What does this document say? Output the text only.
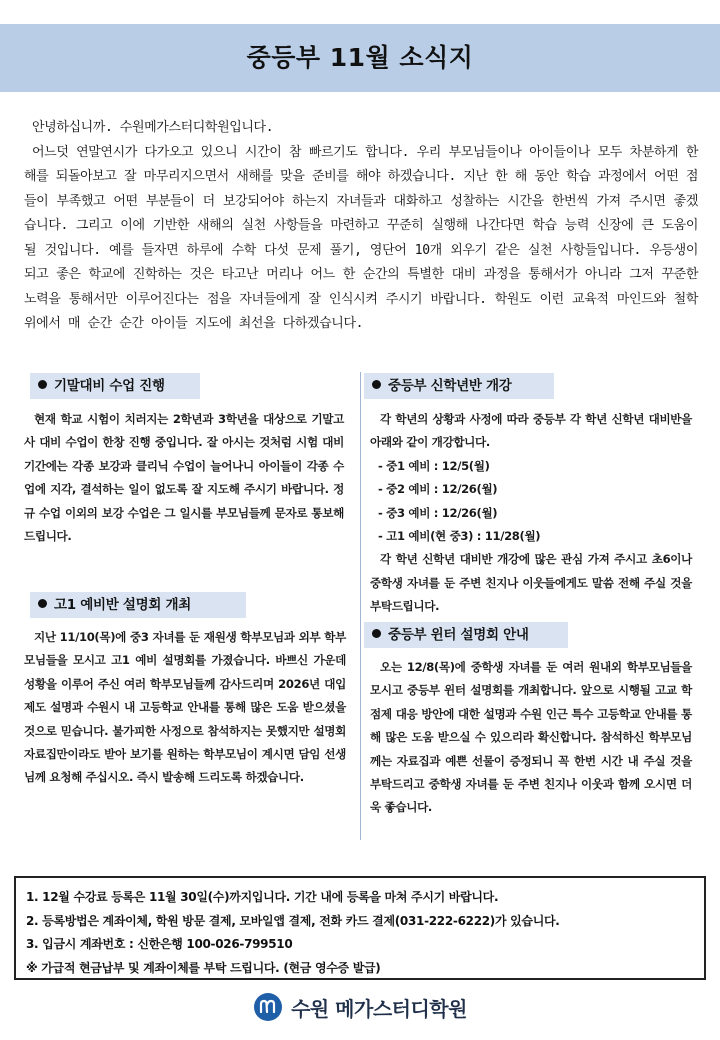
중등부 11월 소식지

안녕하십니까. 수원메가스터디학원입니다.

어느덧 연말연시가 다가오고 있으니 시간이 참 빠르기도 합니다. 우리 부모님들이나 아이들이나 모두 차분하게 한 해를 되돌아보고 잘 마무리지으면서 새해를 맞을 준비를 해야 하겠습니다. 지난 한 해 동안 학습 과정에서 어떤 점들이 부족했고 어떤 부분들이 더 보강되어야 하는지 자녀들과 대화하고 성찰하는 시간을 한번씩 가져 주시면 좋겠습니다. 그리고 이에 기반한 새해의 실천 사항들을 마련하고 꾸준히 실행해 나간다면 학습 능력 신장에 큰 도움이 될 것입니다. 예를 들자면 하루에 수학 다섯 문제 풀기, 영단어 10개 외우기 같은 실천 사항들입니다. 우등생이 되고 좋은 학교에 진학하는 것은 타고난 머리나 어느 한 순간의 특별한 대비 과정을 통해서가 아니라 그저 꾸준한 노력을 통해서만 이루어진다는 점을 자녀들에게 잘 인식시켜 주시기 바랍니다. 학원도 이런 교육적 마인드와 철학 위에서 매 순간 순간 아이들 지도에 최선을 다하겠습니다.

기말대비 수업 진행

현재 학교 시험이 치러지는 2학년과 3학년을 대상으로 기말고사 대비 수업이 한창 진행 중입니다. 잘 아시는 것처럼 시험 대비 기간에는 각종 보강과 클리닉 수업이 늘어나니 아이들이 각종 수업에 지각, 결석하는 일이 없도록 잘 지도해 주시기 바랍니다. 정규 수업 이외의 보강 수업은 그 일시를 부모님들께 문자로 통보해 드립니다.

고1 예비반 설명회 개최

지난 11/10(목)에 중3 자녀를 둔 재원생 학부모님과 외부 학부모님들을 모시고 고1 예비 설명회를 가졌습니다. 바쁘신 가운데 성황을 이루어 주신 여러 학부모님들께 감사드리며 2026년 대입 제도 설명과 수원시 내 고등학교 안내를 통해 많은 도움 받으셨을 것으로 믿습니다. 불가피한 사정으로 참석하지는 못했지만 설명회 자료집만이라도 받아 보기를 원하는 학부모님이 계시면 담임 선생님께 요청해 주십시오. 즉시 발송해 드리도록 하겠습니다.

중등부 신학년반 개강

각 학년의 상황과 사정에 따라 중등부 각 학년 신학년 대비반을 아래와 같이 개강합니다.

- 중1 예비 : 12/5(월)
- 중2 예비 : 12/26(월)
- 중3 예비 : 12/26(월)
- 고1 예비(현 중3) : 11/28(월)

각 학년 신학년 대비반 개강에 많은 관심 가져 주시고 초6이나 중학생 자녀를 둔 주변 친지나 이웃들에게도 말씀 전해 주실 것을 부탁드립니다.

중등부 윈터 설명회 안내

오는 12/8(목)에 중학생 자녀를 둔 여러 원내외 학부모님들을 모시고 중등부 윈터 설명회를 개최합니다. 앞으로 시행될 고교 학점제 대응 방안에 대한 설명과 수원 인근 특수 고등학교 안내를 통해 많은 도움 받으실 수 있으리라 확신합니다. 참석하신 학부모님께는 자료집과 예쁜 선물이 증정되니 꼭 한번 시간 내 주실 것을 부탁드리고 중학생 자녀를 둔 주변 친지나 이웃과 함께 오시면 더욱 좋습니다.

1. 12월 수강료 등록은 11월 30일(수)까지입니다. 기간 내에 등록을 마쳐 주시기 바랍니다.

2. 등록방법은 계좌이체, 학원 방문 결제, 모바일앱 결제, 전화 카드 결제(031-222-6222)가 있습니다.

3. 입금시 계좌번호 : 신한은행 100-026-799510

※ 가급적 현금납부 및 계좌이체를 부탁 드립니다. (현금 영수증 발급)

수원 메가스터디학원
